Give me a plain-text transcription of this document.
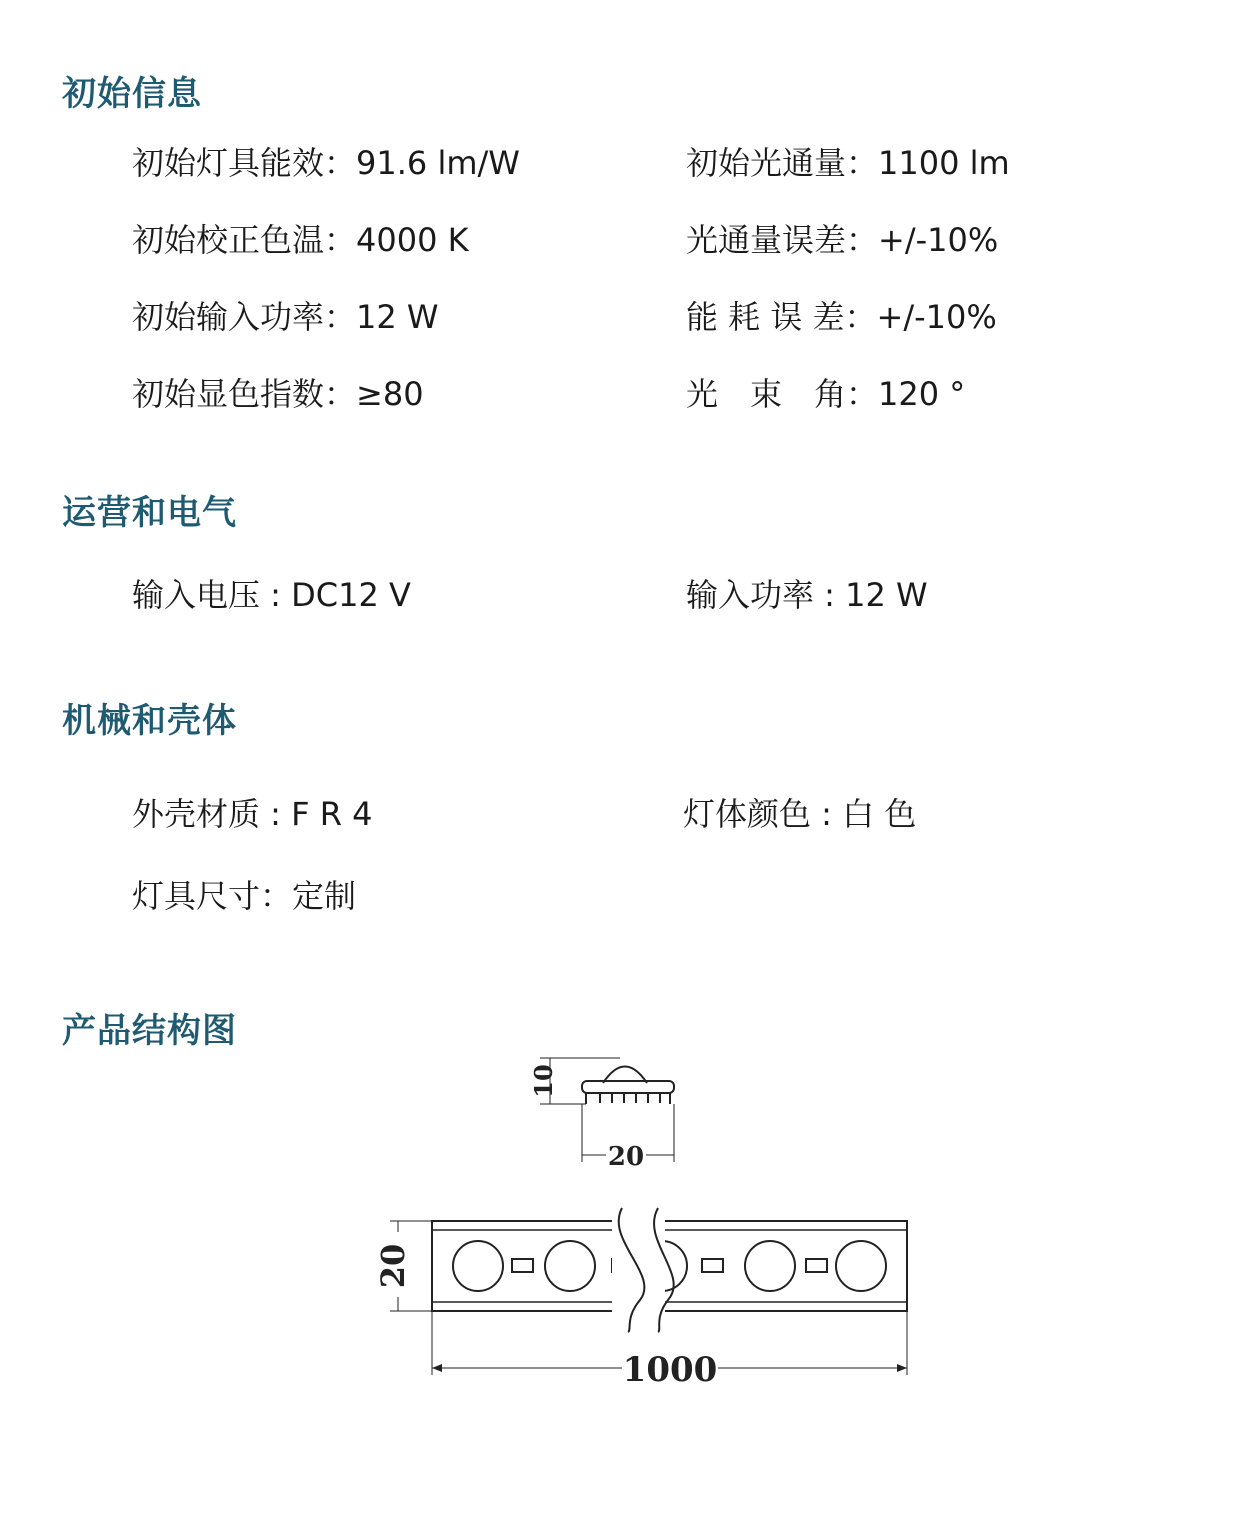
初始信息
初始灯具能效：91.6 lm/W	初始光通量：1100 lm
初始校正色温：4000 K	光通量误差：+/-10%
初始输入功率：12 W	能 耗 误 差：+/-10%
初始显色指数：≥80	光　束　角：120 °
运营和电气
输入电压 : DC12 V	输入功率 : 12 W
机械和壳体
外壳材质 : F R 4	灯体颜色 : 白 色
灯具尺寸：定制
产品结构图
10
20
20
1000
